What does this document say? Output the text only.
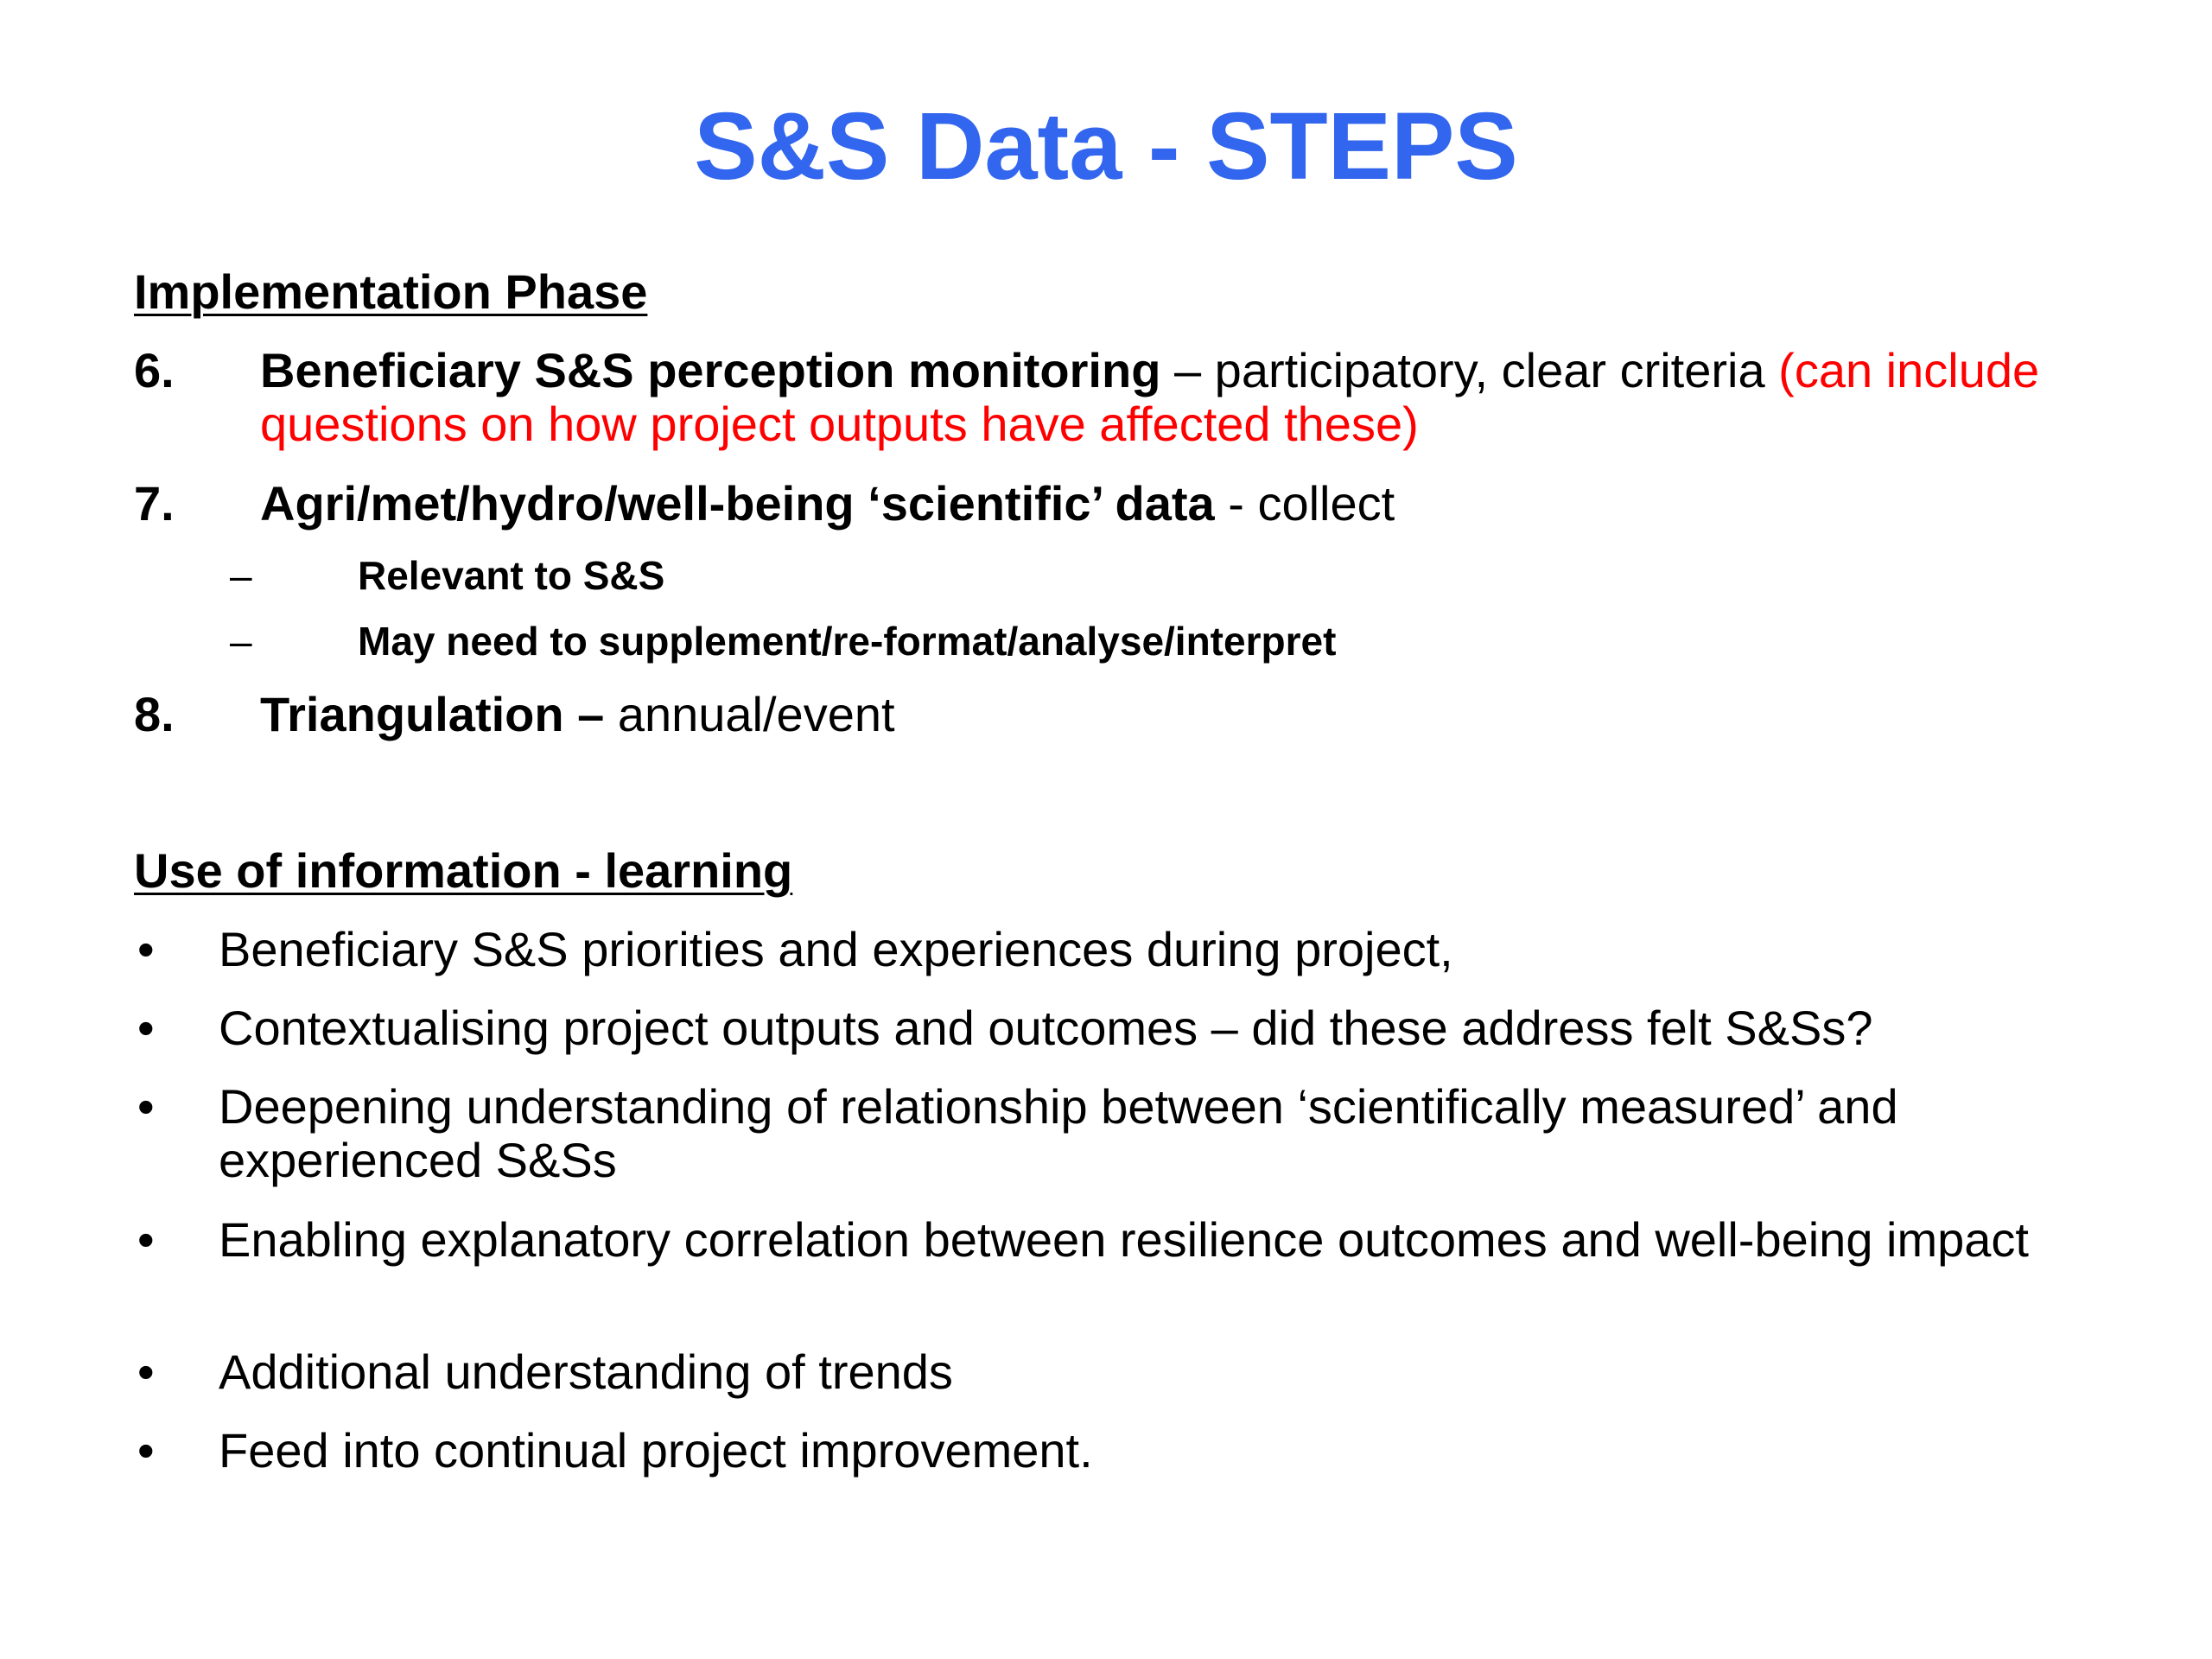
S&S Data - STEPS
Implementation Phase
6. Beneficiary S&S perception monitoring – participatory, clear criteria (can include questions on how project outputs have affected these)
7. Agri/met/hydro/well-being ‘scientific’ data - collect
–	Relevant to S&S
–	May need to supplement/re-format/analyse/interpret
8. Triangulation – annual/event
Use of information - learning
• Beneficiary S&S priorities and experiences during project,
• Contextualising project outputs and outcomes – did these address felt S&Ss?
• Deepening understanding of relationship between ‘scientifically measured’ and experienced S&Ss
• Enabling explanatory correlation between resilience outcomes and well-being impact
• Additional understanding of trends
• Feed into continual project improvement.
